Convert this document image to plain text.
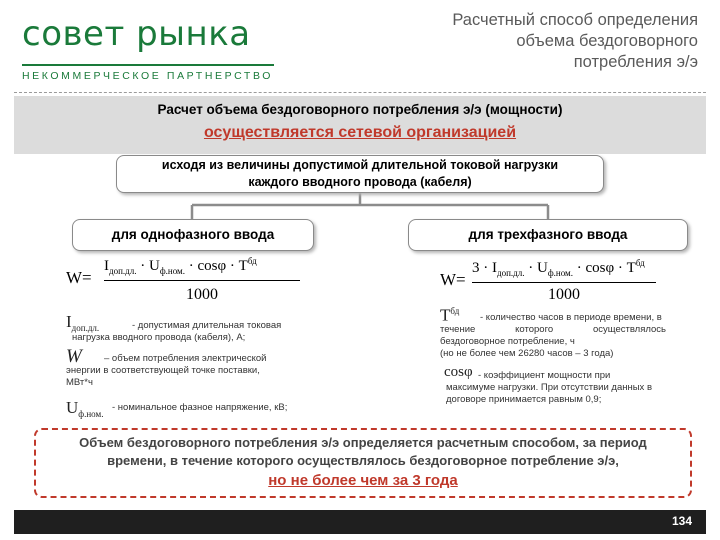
совет рынка
НЕКОММЕРЧЕСКОЕ ПАРТНЕРСТВО
Расчетный способ определения
объема бездоговорного
потребления э/э
Расчет объема бездоговорного потребления э/э (мощности)
осуществляется сетевой организацией
исходя из величины допустимой длительной токовой нагрузки
каждого вводного провода (кабеля)
для однофазного ввода	для трехфазного ввода
W=
$I_{доп.дл.} \cdot U_{ф.ном.} \cdot \cos\varphi \cdot T^{бд}$
1000
$I_{доп.дл.}$	- допустимая длительная токовая
нагрузка вводного провода (кабеля), А;
W	– объем потребления электрической
энергии в соответствующей точке поставки,
МВт*ч
$U_{ф.ном.}$
- номинальное фазное напряжение, кВ;
W=
$3 \cdot I_{доп.дл.} \cdot U_{ф.ном.} \cdot \cos\varphi \cdot T^{бд}$
1000
$T^{бд}$
- количество часов в периоде времени, в
течение которого осуществлялось
бездоговорное потребление, ч
(но не более чем 26280 часов – 3 года)
cosφ - коэффициент мощности при
максимуме нагрузки. При отсутствии данных в
договоре принимается равным 0,9;
Объем бездоговорного потребления э/э определяется расчетным способом, за период
времени, в течение которого осуществлялось бездоговорное потребление э/э,
но не более чем за 3 года
134
